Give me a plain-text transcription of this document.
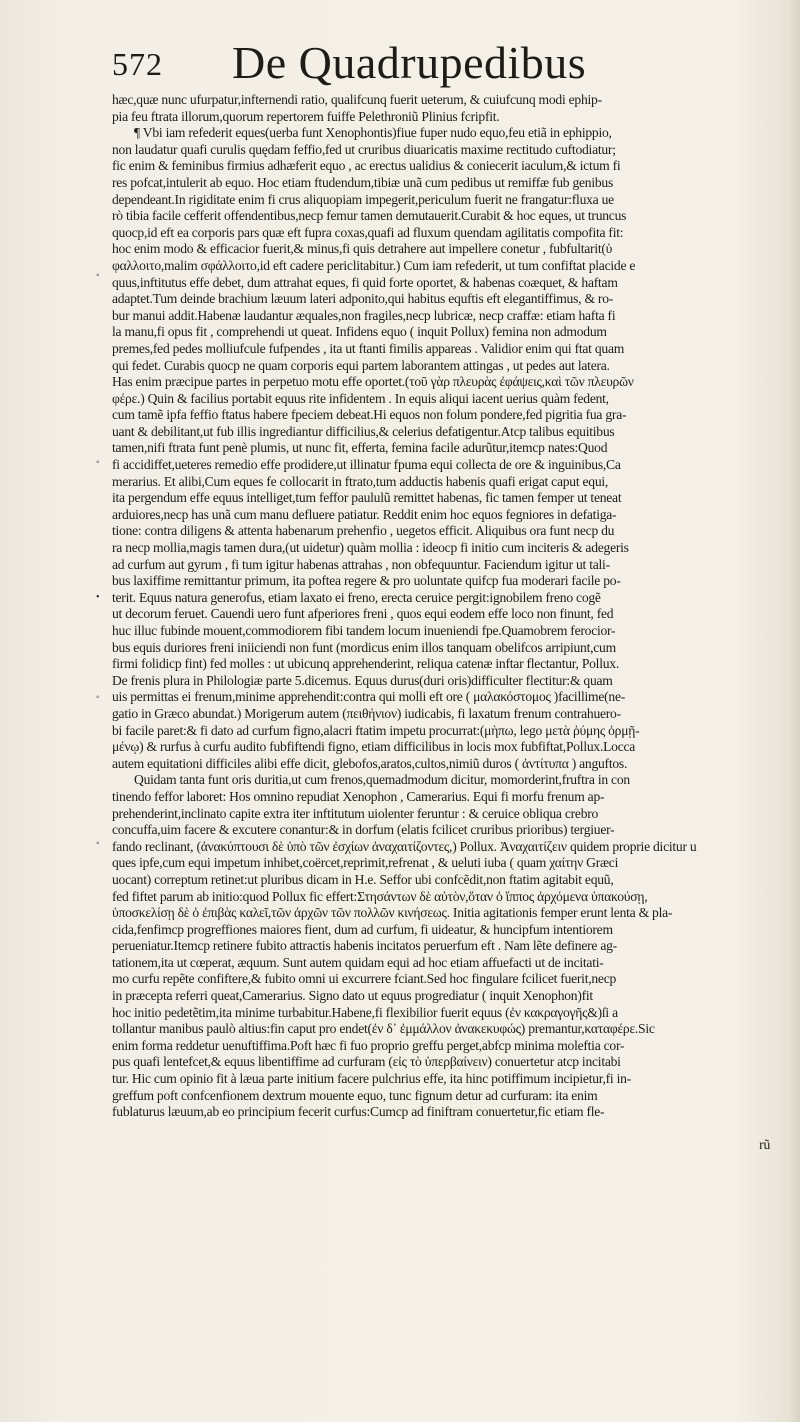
572 De Quadrupedibus
hæc,quæ nunc ufurpatur,infternendi ratio, qualifcunq fuerit ueterum, & cuiufcunq modi ephip-
pia feu ftrata illorum,quorum repertorem fuiffe Pelethroniũ Plinius fcripfit.
¶ Vbi iam refederit eques(uerba funt Xenophontis)fiue fuper nudo equo,feu etiã in ephippio,
non laudatur quafi curulis quędam feffio,fed ut cruribus diuaricatis maxime rectitudo cuftodiatur;
fic enim & feminibus firmius adhæferit equo , ac erectus ualidius & coniecerit iaculum,& ictum fi
res pofcat,intulerit ab equo. Hoc etiam ftudendum,tibiæ unã cum pedibus ut remiffæ fub genibus
dependeant.In rigiditate enim fi crus aliquopiam impegerit,periculum fuerit ne frangatur:fluxa ue
rò tibia facile cefferit offendentibus,necp femur tamen demutauerit.Curabit & hoc eques, ut truncus
quocp,id eft ea corporis pars quæ eft fupra coxas,quafi ad fluxum quendam agilitatis compofita fit:
hoc enim modo & efficacior fuerit,& minus,fi quis detrahere aut impellere conetur , fubfultarit(ὑ
φαλλοιτο,malim σφάλλοιτο,id eft cadere periclitabitur.) Cum iam refederit, ut tum confiftat placide e
quus,inftitutus effe debet, dum attrahat eques, fi quid forte oportet, & habenas coæquet, & haftam
adaptet.Tum deinde brachium læuum lateri adponito,qui habitus equftis eft elegantiffimus, & ro-
bur manui addit.Habenæ laudantur æquales,non fragiles,necp lubricæ, necp craffæ: etiam hafta fi
la manu,fi opus fit , comprehendi ut queat. Infidens equo ( inquit Pollux) femina non admodum
premes,fed pedes molliufcule fufpendes , ita ut ftanti fimilis appareas . Validior enim qui ftat quam
qui fedet. Curabis quocp ne quam corporis equi partem laborantem attingas , ut pedes aut latera.
Has enim præcipue partes in perpetuo motu effe oportet.(τοῦ γὰρ πλευρὰς ἐφάψεις,καὶ τῶν πλευρῶν
φέρε.) Quin & facilius portabit equus rite infidentem . In equis aliqui iacent uerius quàm fedent,
cum tamẽ ipfa feffio ftatus habere fpeciem debeat.Hi equos non folum pondere,fed pigritia fua gra-
uant & debilitant,ut fub illis ingrediantur difficilius,& celerius defatigentur.Atcp talibus equitibus
tamen,nifi ftrata funt penè plumis, ut nunc fit, efferta, femina facile adurũtur,itemcp nates:Quod
fi accidiffet,ueteres remedio effe prodidere,ut illinatur fpuma equi collecta de ore & inguinibus,Ca
merarius. Et alibi,Cum eques fe collocarit in ftrato,tum adductis habenis quafi erigat caput equi,
ita pergendum effe equus intelliget,tum feffor paululũ remittet habenas, fic tamen femper ut teneat
arduiores,necp has unã cum manu defluere patiatur. Reddit enim hoc equos fegniores in defatiga-
tione: contra diligens & attenta habenarum prehenfio , uegetos efficit. Aliquibus ora funt necp du
ra necp mollia,magis tamen dura,(ut uidetur) quàm mollia : ideocp fi initio cum inciteris & adegeris
ad curfum aut gyrum , fi tum igitur habenas attrahas , non obfequuntur. Faciendum igitur ut tali-
bus laxiffime remittantur primum, ita poftea regere & pro uoluntate quifcp fua moderari facile po-
terit. Equus natura generofus, etiam laxato ei freno, erecta ceruice pergit:ignobilem freno cogẽ
ut decorum feruet. Cauendi uero funt afperiores freni , quos equi eodem effe loco non finunt, fed
huc illuc fubinde mouent,commodiorem fibi tandem locum inueniendi fpe.Quamobrem ferocior-
bus equis duriores freni iniiciendi non funt (mordicus enim illos tanquam obelifcos arripiunt,cum
firmi folidicp fint) fed molles : ut ubicunq apprehenderint, reliqua catenæ inftar flectantur, Pollux.
De frenis plura in Philologiæ parte 5.dicemus. Equus durus(duri oris)difficulter flectitur:& quam
uis permittas ei frenum,minime apprehendit:contra qui molli eft ore ( μαλακόστομος )facillime(ne-
gatio in Græco abundat.) Morigerum autem (πειθήνιον) iudicabis, fi laxatum frenum contrahuero-
bi facile paret:& fi dato ad curfum figno,alacri ftatim impetu procurrat:(μὴπω, lego μετὰ ῥύμης ὁρμῇ-
μένῳ) & rurfus à curfu audito fubfiftendi figno, etiam difficilibus in locis mox fubfiftat,Pollux.Locca
autem equitationi difficiles alibi effe dicit, glebofos,aratos,cultos,nimiũ duros ( ἀντίτυπα ) anguftos.
Quidam tanta funt oris duritia,ut cum frenos,quemadmodum dicitur, momorderint,fruftra in con
tinendo feffor laboret: Hos omnino repudiat Xenophon , Camerarius. Equi fi morfu frenum ap-
prehenderint,inclinato capite extra iter inftitutum uiolenter feruntur : & ceruice obliqua crebro
concuffa,uim facere & excutere conantur:& in dorfum (elatis fcilicet cruribus prioribus) tergiuer-
fando reclinant, (ἀνακύπτουσι δὲ ὑπὸ τῶν ἐσχίων ἀναχαιτίζοντες,) Pollux. Ἀναχαιτίζειν quidem proprie dicitur u
ques ipfe,cum equi impetum inhibet,coërcet,reprimit,refrenat , & ueluti iuba ( quam χαίτην Græci
uocant) correptum retinet:ut pluribus dicam in H.e. Seffor ubi confcẽdit,non ftatim agitabit equũ,
fed fiftet parum ab initio:quod Pollux fic effert:Στησάντων δὲ αὐτὸν,ὅταν ὁ ἵππος ἀρχόμενα ὑπακούσῃ,
ὑποσκελίσῃ δὲ ὁ ἐπιβὰς καλεῖ,τῶν ἀρχῶν τῶν πολλῶν κινήσεως. Initia agitationis femper erunt lenta & pla-
cida,fenfimcp progreffiones maiores fient, dum ad curfum, fi uideatur, & huncipfum intentiorem
perueniatur.Itemcp retinere fubito attractis habenis incitatos peruerfum eft . Nam lẽte definere ag-
tationem,ita ut cœperat, æquum. Sunt autem quidam equi ad hoc etiam affuefacti ut de incitati-
mo curfu repẽte confiftere,& fubito omni ui excurrere fciant.Sed hoc fingulare fcilicet fuerit,necp
in præcepta referri queat,Camerarius. Signo dato ut equus progrediatur ( inquit Xenophon)fit
hoc initio pedetẽtim,ita minime turbabitur.Habene,fi flexibilior fuerit equus (ἐν κακραγογῆς&)ſi a
tollantur manibus paulò altius:fin caput pro endet(ἐν δ᾽ ἐμμάλλον ἀνακεκυφώς) premantur,καταφέρε.Sic
enim forma reddetur uenuftiffima.Poft hæc fi fuo proprio greffu perget,abfcp minima moleftia cor-
pus quafi lentefcet,& equus libentiffime ad curfuram (εἰς τὸ ὑπερβαίνειν) conuertetur atcp incitabi
tur. Hic cum opinio fit à læua parte initium facere pulchrius effe, ita hinc potiffimum incipietur,fi in-
greffum poft confcenfionem dextrum mouente equo, tunc fignum detur ad curfuram: ita enim
fublaturus læuum,ab eo principium fecerit curfus:Cumcp ad finiftram conuertetur,fic etiam fle-
rũ
◦
◦
•
◦
◦
